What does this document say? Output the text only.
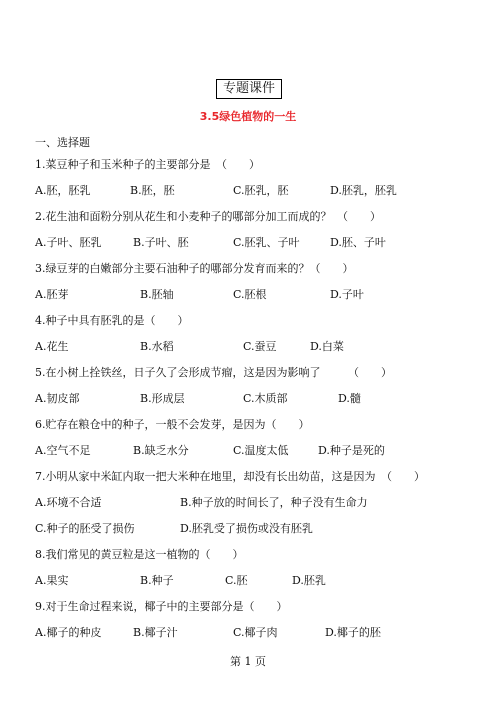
专题课件
3.5绿色植物的一生
一、选择题
1.菜豆种子和玉米种子的主要部分是　（　　）
A.胚，胚乳	B.胚，胚	C.胚乳，胚	D.胚乳，胚乳
2.花生油和面粉分别从花生和小麦种子的哪部分加工而成的？　（　　）
A.子叶、胚乳	B.子叶、胚	C.胚乳、子叶	D.胚、子叶
3.绿豆芽的白嫩部分主要石油种子的哪部分发育而来的？（　　）
A.胚芽	B.胚轴	C.胚根	D.子叶
4.种子中具有胚乳的是（　　）
A.花生	B.水稻	C.蚕豆	D.白菜
5.在小树上拴铁丝，日子久了会形成节瘤，这是因为影响了　　　（　　）
A.韧皮部	B.形成层	C.木质部	D.髓
6.贮存在粮仓中的种子，一般不会发芽，是因为（　　）
A.空气不足	B.缺乏水分	C.温度太低	D.种子是死的
7.小明从家中米缸内取一把大米种在地里，却没有长出幼苗，这是因为　（　　）
A.环境不合适	B.种子放的时间长了，种子没有生命力
C.种子的胚受了损伤	D.胚乳受了损伤或没有胚乳
8.我们常见的黄豆粒是这一植物的（　　）
A.果实	B.种子	C.胚	D.胚乳
9.对于生命过程来说，椰子中的主要部分是（　　）
A.椰子的种皮	B.椰子汁	C.椰子肉	D.椰子的胚
第 1 页
